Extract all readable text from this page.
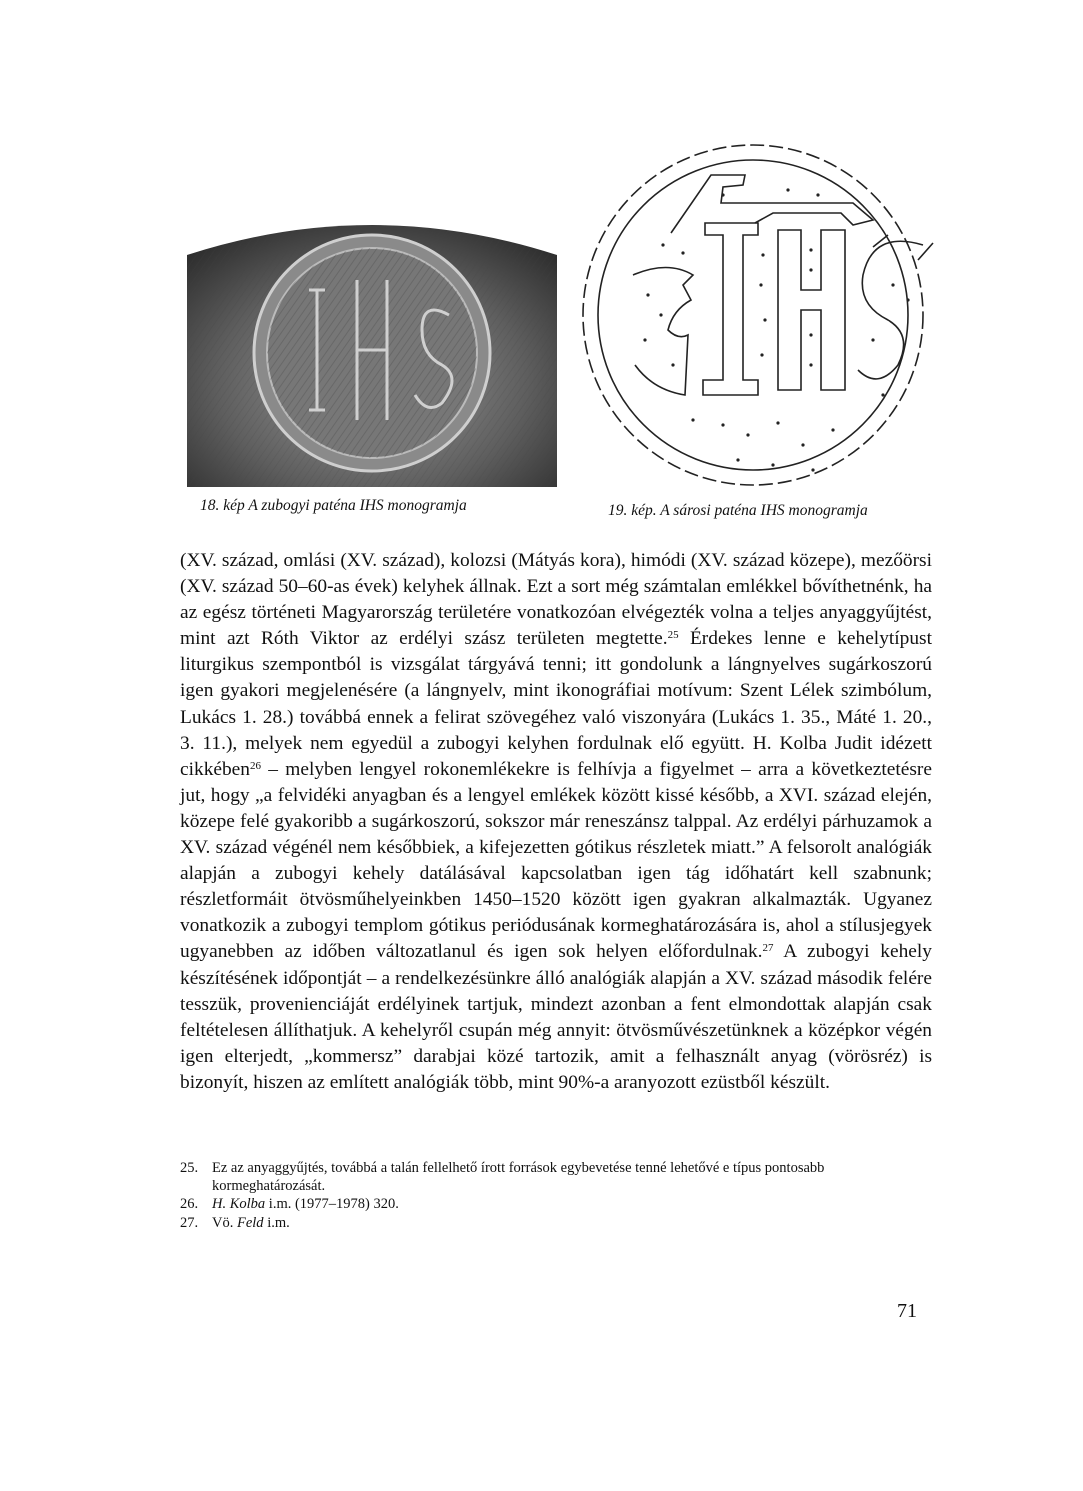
18. kép A zubogyi paténa IHS monogramja	19. kép. A sárosi paténa IHS monogramja
(XV. század, omlási (XV. század), kolozsi (Mátyás kora), himódi (XV. század közepe), mezőörsi (XV. század 50–60-as évek) kelyhek állnak. Ezt a sort még számtalan emlékkel bővíthetnénk, ha az egész történeti Magyarország területére vonatkozóan elvégezték volna a teljes anyaggyűjtést, mint azt Róth Viktor az erdélyi szász területen megtette.$^{25}$ Érdekes lenne e kehelytípust liturgikus szempontból is vizsgálat tárgyává tenni; itt gondolunk a lángnyelves sugárkoszorú igen gyakori megjelenésére (a lángnyelv, mint ikonográfiai motívum: Szent Lélek szimbólum, Lukács 1. 28.) továbbá ennek a felirat szövegéhez való viszonyára (Lukács 1. 35., Máté 1. 20., 3. 11.), melyek nem egyedül a zubogyi kelyhen fordulnak elő együtt. H. Kolba Judit idézett cikkében$^{26}$ – melyben lengyel rokonemlékekre is felhívja a figyelmet – arra a következtetésre jut, hogy „a felvidéki anyagban és a lengyel emlékek között kissé később, a XVI. század elején, közepe felé gyakoribb a sugárkoszorú, sokszor már reneszánsz talppal. Az erdélyi párhuzamok a XV. század végénél nem későbbiek, a kifejezetten gótikus részletek miatt.” A felsorolt analógiák alapján a zubogyi kehely datálásával kapcsolatban igen tág időhatárt kell szabnunk; részletformáit ötvösműhelyeinkben 1450–1520 között igen gyakran alkalmazták. Ugyanez vonatkozik a zubogyi templom gótikus periódusának kormeghatározására is, ahol a stílusjegyek ugyanebben az időben változatlanul és igen sok helyen előfordulnak.$^{27}$ A zubogyi kehely készítésének időpontját – a rendelkezésünkre álló analógiák alapján a XV. század második felére tesszük, provenienciáját erdélyinek tartjuk, mindezt azonban a fent elmondottak alapján csak feltételesen állíthatjuk. A kehelyről csupán még annyit: ötvösművészetünknek a középkor végén igen elterjedt, „kommersz” darabjai közé tartozik, amit a felhasznált anyag (vörösréz) is bizonyít, hiszen az említett analógiák több, mint 90%-a aranyozott ezüstből készült.
25. Ez az anyaggyűjtés, továbbá a talán fellelhető írott források egybevetése tenné lehetővé e típus pontosabb kormeghatározását.
26. H. Kolba i.m. (1977–1978) 320.
27. Vö. Feld i.m.
71
